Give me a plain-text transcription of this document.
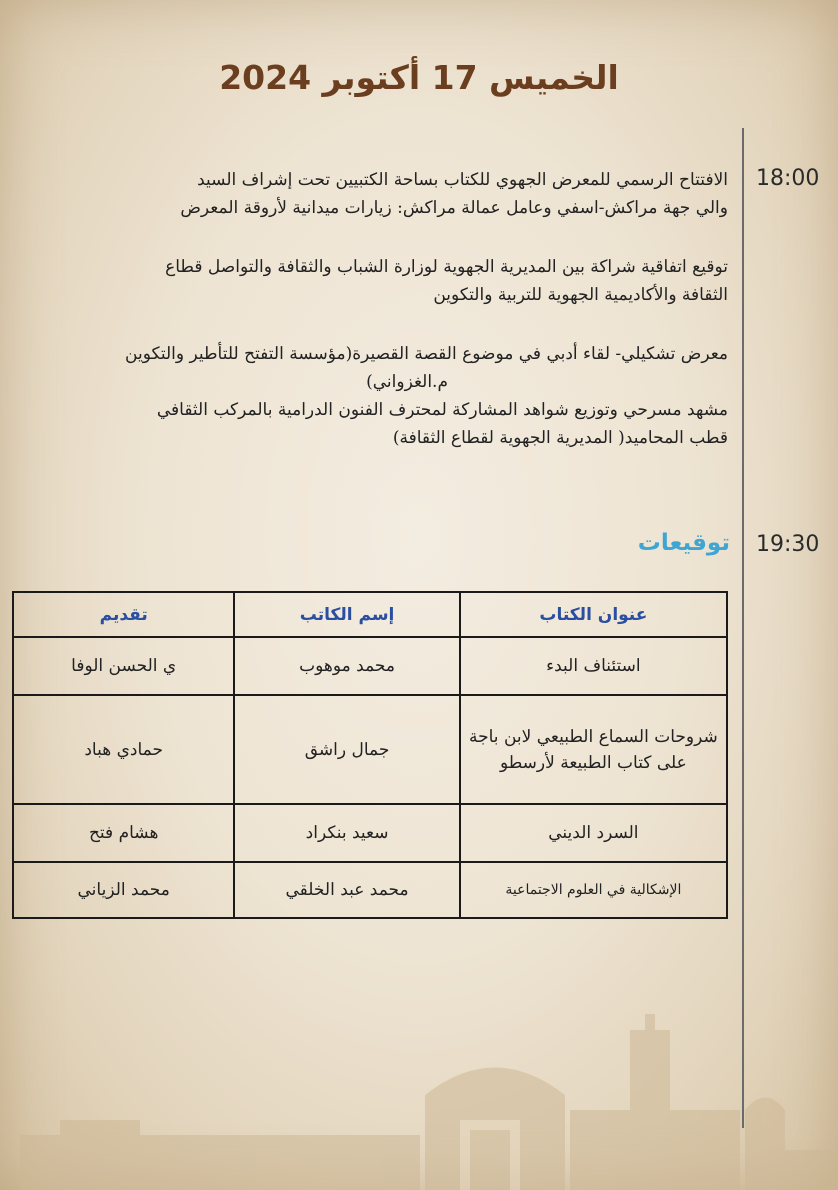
الخميس 17 أكتوبر 2024
18:00

الافتتاح الرسمي للمعرض الجهوي للكتاب بساحة الكتبيين تحت إشراف السيد

والي جهة مراكش-اسفي وعامل عمالة مراكش: زيارات ميدانية لأروقة المعرض

توقيع اتفاقية شراكة بين المديرية الجهوية لوزارة الشباب والثقافة والتواصل قطاع

الثقافة والأكاديمية الجهوية للتربية والتكوين

معرض تشكيلي- لقاء أدبي في موضوع القصة القصيرة(مؤسسة التفتح للتأطير والتكوين

م.الغزواني)

مشهد مسرحي وتوزيع شواهد المشاركة لمحترف الفنون الدرامية بالمركب الثقافي

قطب المحاميد( المديرية الجهوية لقطاع الثقافة)

19:30
توقيعات
عنوان الكتاب	إسم الكاتب	تقديم
استئناف البدء	محمد موهوب	ي الحسن الوفا
شروحات السماع الطبيعي لابن باجة على كتاب الطبيعة لأرسطو	جمال راشق	حمادي هباد
السرد الديني	سعيد بنكراد	هشام فتح
الإشكالية في العلوم الاجتماعية	محمد عبد الخلقي	محمد الزياني
